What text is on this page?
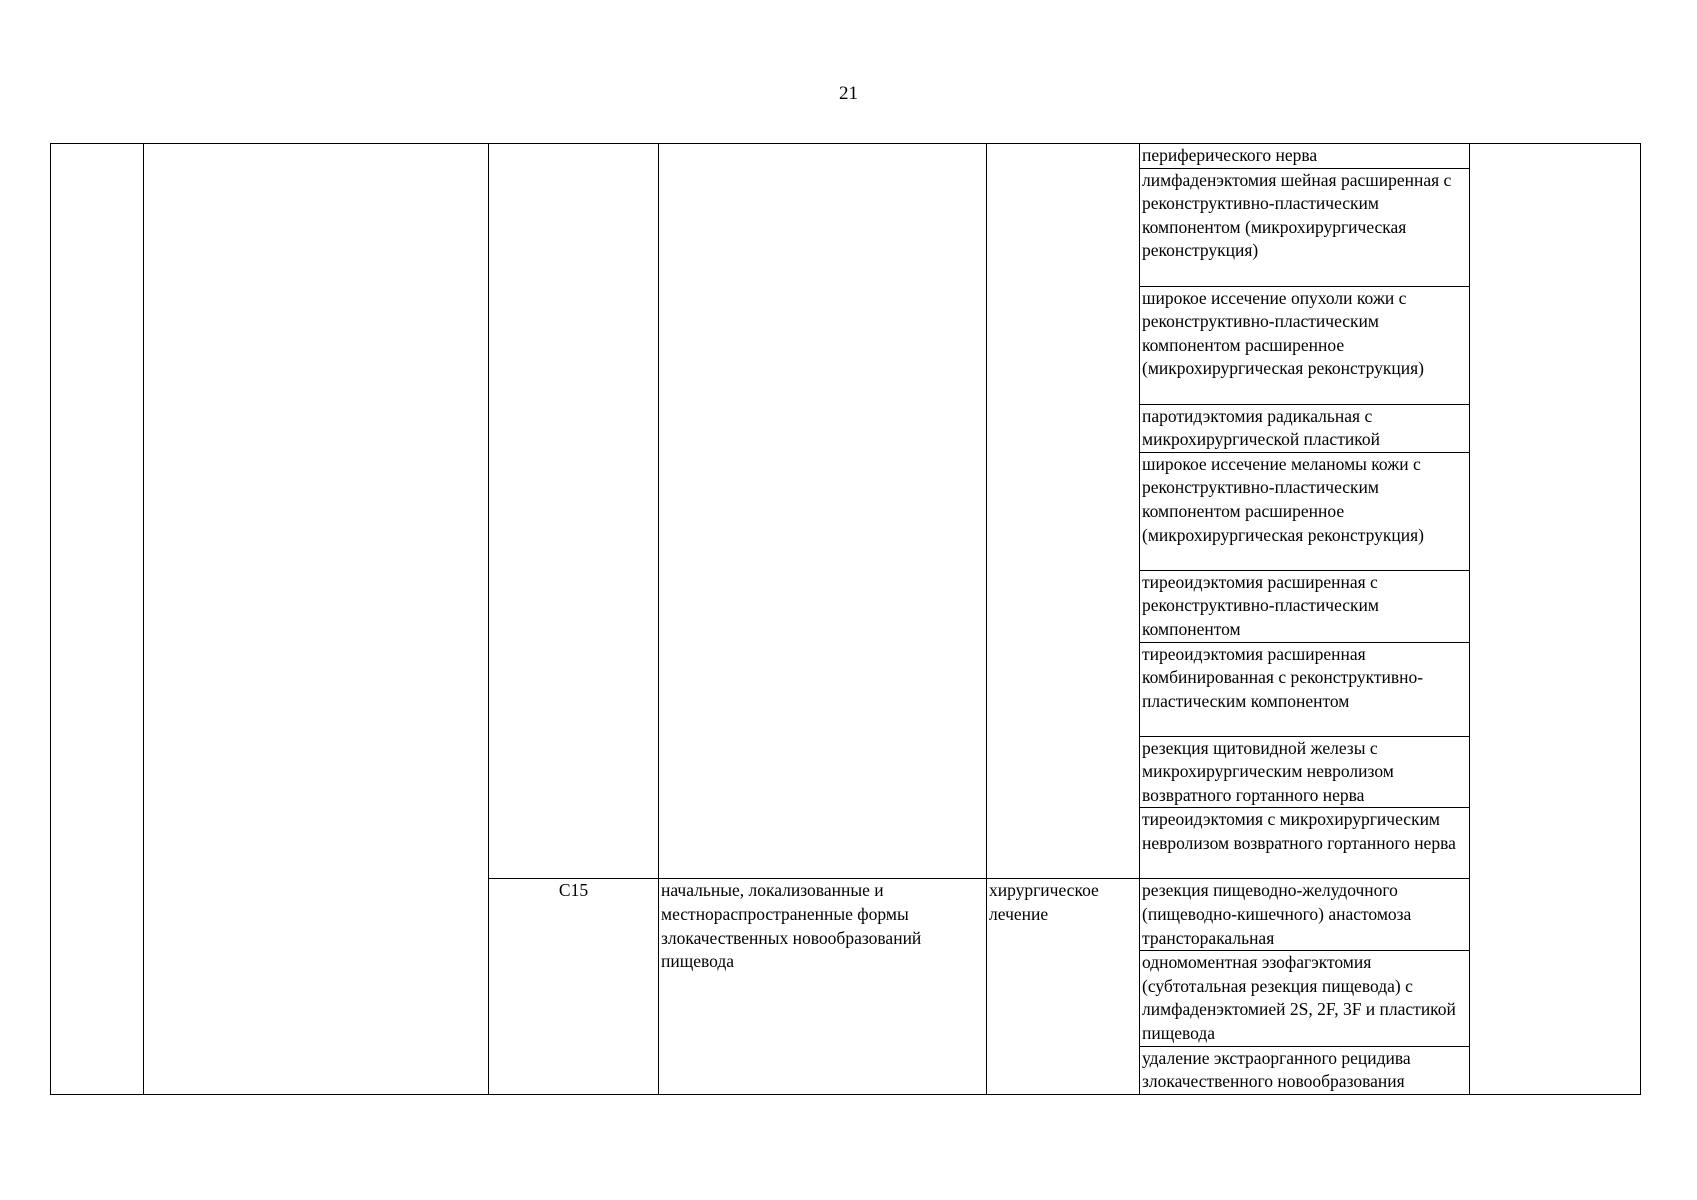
21

					периферического нерва	

					лимфаденэктомия шейная расширенная с реконструктивно-пластическим компонентом (микрохирургическая реконструкция)	

					широкое иссечение опухоли кожи с реконструктивно-пластическим компонентом расширенное (микрохирургическая реконструкция)	

					паротидэктомия радикальная с микрохирургической пластикой	

					широкое иссечение меланомы кожи с реконструктивно-пластическим компонентом расширенное (микрохирургическая реконструкция)	

					тиреоидэктомия расширенная с реконструктивно-пластическим компонентом	

					тиреоидэктомия расширенная комбинированная с реконструктивно-пластическим компонентом	

					резекция щитовидной железы с микрохирургическим невролизом возвратного гортанного нерва	

					тиреоидэктомия с микрохирургическим невролизом возвратного гортанного нерва	

		C15	начальные, локализованные и местнораспространенные формы злокачественных новообразований пищевода	хирургическое лечение	резекция пищеводно-желудочного (пищеводно-кишечного) анастомоза трансторакальная	

					одномоментная эзофагэктомия (субтотальная резекция пищевода) с лимфаденэктомией 2S, 2F, 3F и пластикой пищевода	

					удаление экстраорганного рецидива злокачественного новообразования	
